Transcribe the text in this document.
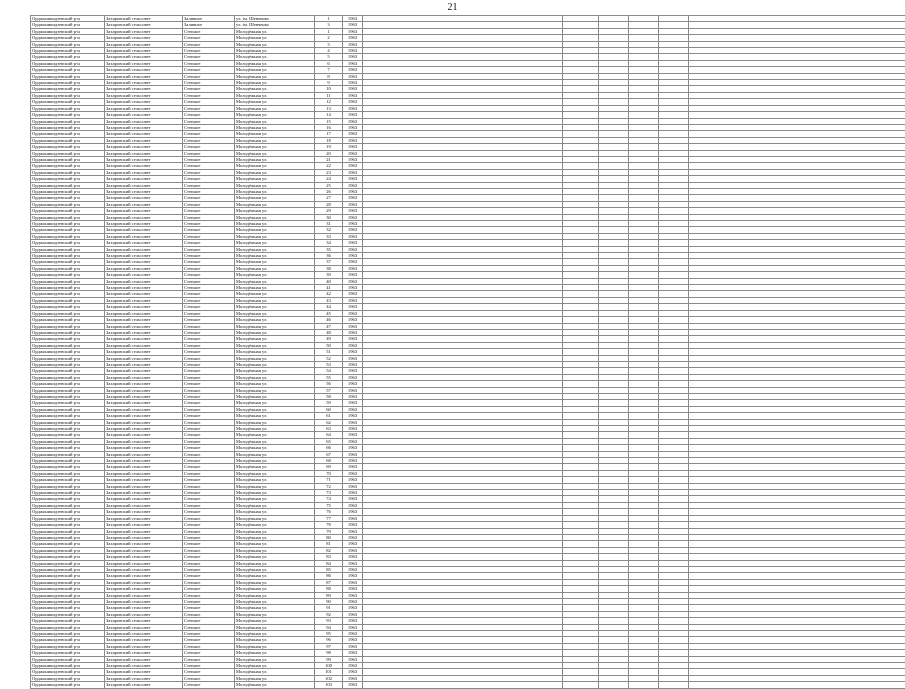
21
Орджоникидзевский р-н	Захаровский сельсовет	Заливное	ул. ім. Шевченко	1	1963						
Орджоникидзевский р-н	Захаровский сельсовет	Заливное	ул. ім. Шевченко	3	1963						
Орджоникидзевский р-н	Захаровский сельсовет	Степное	Молодёжная ул.	1	1963						
Орджоникидзевский р-н	Захаровский сельсовет	Степное	Молодёжная ул.	2	1963						
Орджоникидзевский р-н	Захаровский сельсовет	Степное	Молодёжная ул.	3	1963						
Орджоникидзевский р-н	Захаровский сельсовет	Степное	Молодёжная ул.	4	1963						
Орджоникидзевский р-н	Захаровский сельсовет	Степное	Молодёжная ул.	5	1963						
Орджоникидзевский р-н	Захаровский сельсовет	Степное	Молодёжная ул.	6	1963						
Орджоникидзевский р-н	Захаровский сельсовет	Степное	Молодёжная ул.	7	1963						
Орджоникидзевский р-н	Захаровский сельсовет	Степное	Молодёжная ул.	8	1963						
Орджоникидзевский р-н	Захаровский сельсовет	Степное	Молодёжная ул.	9	1963						
Орджоникидзевский р-н	Захаровский сельсовет	Степное	Молодёжная ул.	10	1963						
Орджоникидзевский р-н	Захаровский сельсовет	Степное	Молодёжная ул.	11	1963						
Орджоникидзевский р-н	Захаровский сельсовет	Степное	Молодёжная ул.	12	1963						
Орджоникидзевский р-н	Захаровский сельсовет	Степное	Молодёжная ул.	13	1963						
Орджоникидзевский р-н	Захаровский сельсовет	Степное	Молодёжная ул.	14	1963						
Орджоникидзевский р-н	Захаровский сельсовет	Степное	Молодёжная ул.	15	1963						
Орджоникидзевский р-н	Захаровский сельсовет	Степное	Молодёжная ул.	16	1963						
Орджоникидзевский р-н	Захаровский сельсовет	Степное	Молодёжная ул.	17	1963						
Орджоникидзевский р-н	Захаровский сельсовет	Степное	Молодёжная ул.	18	1963						
Орджоникидзевский р-н	Захаровский сельсовет	Степное	Молодёжная ул.	19	1963						
Орджоникидзевский р-н	Захаровский сельсовет	Степное	Молодёжная ул.	20	1963						
Орджоникидзевский р-н	Захаровский сельсовет	Степное	Молодёжная ул.	21	1963						
Орджоникидзевский р-н	Захаровский сельсовет	Степное	Молодёжная ул.	22	1963						
Орджоникидзевский р-н	Захаровский сельсовет	Степное	Молодёжная ул.	23	1963						
Орджоникидзевский р-н	Захаровский сельсовет	Степное	Молодёжная ул.	24	1963						
Орджоникидзевский р-н	Захаровский сельсовет	Степное	Молодёжная ул.	25	1963						
Орджоникидзевский р-н	Захаровский сельсовет	Степное	Молодёжная ул.	26	1963						
Орджоникидзевский р-н	Захаровский сельсовет	Степное	Молодёжная ул.	27	1963						
Орджоникидзевский р-н	Захаровский сельсовет	Степное	Молодёжная ул.	28	1963						
Орджоникидзевский р-н	Захаровский сельсовет	Степное	Молодёжная ул.	29	1963						
Орджоникидзевский р-н	Захаровский сельсовет	Степное	Молодёжная ул.	30	1963						
Орджоникидзевский р-н	Захаровский сельсовет	Степное	Молодёжная ул.	31	1963						
Орджоникидзевский р-н	Захаровский сельсовет	Степное	Молодёжная ул.	32	1963						
Орджоникидзевский р-н	Захаровский сельсовет	Степное	Молодёжная ул.	33	1963						
Орджоникидзевский р-н	Захаровский сельсовет	Степное	Молодёжная ул.	34	1963						
Орджоникидзевский р-н	Захаровский сельсовет	Степное	Молодёжная ул.	35	1963						
Орджоникидзевский р-н	Захаровский сельсовет	Степное	Молодёжная ул.	36	1963						
Орджоникидзевский р-н	Захаровский сельсовет	Степное	Молодёжная ул.	37	1963						
Орджоникидзевский р-н	Захаровский сельсовет	Степное	Молодёжная ул.	38	1963						
Орджоникидзевский р-н	Захаровский сельсовет	Степное	Молодёжная ул.	39	1963						
Орджоникидзевский р-н	Захаровский сельсовет	Степное	Молодёжная ул.	40	1963						
Орджоникидзевский р-н	Захаровский сельсовет	Степное	Молодёжная ул.	41	1963						
Орджоникидзевский р-н	Захаровский сельсовет	Степное	Молодёжная ул.	42	1963						
Орджоникидзевский р-н	Захаровский сельсовет	Степное	Молодёжная ул.	43	1963						
Орджоникидзевский р-н	Захаровский сельсовет	Степное	Молодёжная ул.	44	1963						
Орджоникидзевский р-н	Захаровский сельсовет	Степное	Молодёжная ул.	45	1963						
Орджоникидзевский р-н	Захаровский сельсовет	Степное	Молодёжная ул.	46	1963						
Орджоникидзевский р-н	Захаровский сельсовет	Степное	Молодёжная ул.	47	1963						
Орджоникидзевский р-н	Захаровский сельсовет	Степное	Молодёжная ул.	48	1963						
Орджоникидзевский р-н	Захаровский сельсовет	Степное	Молодёжная ул.	49	1963						
Орджоникидзевский р-н	Захаровский сельсовет	Степное	Молодёжная ул.	50	1963						
Орджоникидзевский р-н	Захаровский сельсовет	Степное	Молодёжная ул.	51	1963						
Орджоникидзевский р-н	Захаровский сельсовет	Степное	Молодёжная ул.	52	1963						
Орджоникидзевский р-н	Захаровский сельсовет	Степное	Молодёжная ул.	53	1963						
Орджоникидзевский р-н	Захаровский сельсовет	Степное	Молодёжная ул.	54	1963						
Орджоникидзевский р-н	Захаровский сельсовет	Степное	Молодёжная ул.	55	1963						
Орджоникидзевский р-н	Захаровский сельсовет	Степное	Молодёжная ул.	56	1963						
Орджоникидзевский р-н	Захаровский сельсовет	Степное	Молодёжная ул.	57	1963						
Орджоникидзевский р-н	Захаровский сельсовет	Степное	Молодёжная ул.	58	1963						
Орджоникидзевский р-н	Захаровский сельсовет	Степное	Молодёжная ул.	59	1963						
Орджоникидзевский р-н	Захаровский сельсовет	Степное	Молодёжная ул.	60	1963						
Орджоникидзевский р-н	Захаровский сельсовет	Степное	Молодёжная ул.	61	1963						
Орджоникидзевский р-н	Захаровский сельсовет	Степное	Молодёжная ул.	62	1963						
Орджоникидзевский р-н	Захаровский сельсовет	Степное	Молодёжная ул.	63	1963						
Орджоникидзевский р-н	Захаровский сельсовет	Степное	Молодёжная ул.	64	1963						
Орджоникидзевский р-н	Захаровский сельсовет	Степное	Молодёжная ул.	65	1963						
Орджоникидзевский р-н	Захаровский сельсовет	Степное	Молодёжная ул.	66	1963						
Орджоникидзевский р-н	Захаровский сельсовет	Степное	Молодёжная ул.	67	1963						
Орджоникидзевский р-н	Захаровский сельсовет	Степное	Молодёжная ул.	68	1963						
Орджоникидзевский р-н	Захаровский сельсовет	Степное	Молодёжная ул.	69	1963						
Орджоникидзевский р-н	Захаровский сельсовет	Степное	Молодёжная ул.	70	1963						
Орджоникидзевский р-н	Захаровский сельсовет	Степное	Молодёжная ул.	71	1963						
Орджоникидзевский р-н	Захаровский сельсовет	Степное	Молодёжная ул.	72	1963						
Орджоникидзевский р-н	Захаровский сельсовет	Степное	Молодёжная ул.	73	1963						
Орджоникидзевский р-н	Захаровский сельсовет	Степное	Молодёжная ул.	74	1963						
Орджоникидзевский р-н	Захаровский сельсовет	Степное	Молодёжная ул.	75	1963						
Орджоникидзевский р-н	Захаровский сельсовет	Степное	Молодёжная ул.	76	1963						
Орджоникидзевский р-н	Захаровский сельсовет	Степное	Молодёжная ул.	77	1963						
Орджоникидзевский р-н	Захаровский сельсовет	Степное	Молодёжная ул.	78	1963						
Орджоникидзевский р-н	Захаровский сельсовет	Степное	Молодёжная ул.	79	1963						
Орджоникидзевский р-н	Захаровский сельсовет	Степное	Молодёжная ул.	80	1963						
Орджоникидзевский р-н	Захаровский сельсовет	Степное	Молодёжная ул.	81	1963						
Орджоникидзевский р-н	Захаровский сельсовет	Степное	Молодёжная ул.	82	1963						
Орджоникидзевский р-н	Захаровский сельсовет	Степное	Молодёжная ул.	83	1963						
Орджоникидзевский р-н	Захаровский сельсовет	Степное	Молодёжная ул.	84	1963						
Орджоникидзевский р-н	Захаровский сельсовет	Степное	Молодёжная ул.	85	1963						
Орджоникидзевский р-н	Захаровский сельсовет	Степное	Молодёжная ул.	86	1963						
Орджоникидзевский р-н	Захаровский сельсовет	Степное	Молодёжная ул.	87	1963						
Орджоникидзевский р-н	Захаровский сельсовет	Степное	Молодёжная ул.	88	1963						
Орджоникидзевский р-н	Захаровский сельсовет	Степное	Молодёжная ул.	89	1963						
Орджоникидзевский р-н	Захаровский сельсовет	Степное	Молодёжная ул.	90	1963						
Орджоникидзевский р-н	Захаровский сельсовет	Степное	Молодёжная ул.	91	1963						
Орджоникидзевский р-н	Захаровский сельсовет	Степное	Молодёжная ул.	92	1963						
Орджоникидзевский р-н	Захаровский сельсовет	Степное	Молодёжная ул.	93	1963						
Орджоникидзевский р-н	Захаровский сельсовет	Степное	Молодёжная ул.	94	1963						
Орджоникидзевский р-н	Захаровский сельсовет	Степное	Молодёжная ул.	95	1963						
Орджоникидзевский р-н	Захаровский сельсовет	Степное	Молодёжная ул.	96	1963						
Орджоникидзевский р-н	Захаровский сельсовет	Степное	Молодёжная ул.	97	1963						
Орджоникидзевский р-н	Захаровский сельсовет	Степное	Молодёжная ул.	98	1963						
Орджоникидзевский р-н	Захаровский сельсовет	Степное	Молодёжная ул.	99	1963						
Орджоникидзевский р-н	Захаровский сельсовет	Степное	Молодёжная ул.	100	1963						
Орджоникидзевский р-н	Захаровский сельсовет	Степное	Молодёжная ул.	101	1963						
Орджоникидзевский р-н	Захаровский сельсовет	Степное	Молодёжная ул.	102	1963						
Орджоникидзевский р-н	Захаровский сельсовет	Степное	Молодёжная ул.	103	1963						
